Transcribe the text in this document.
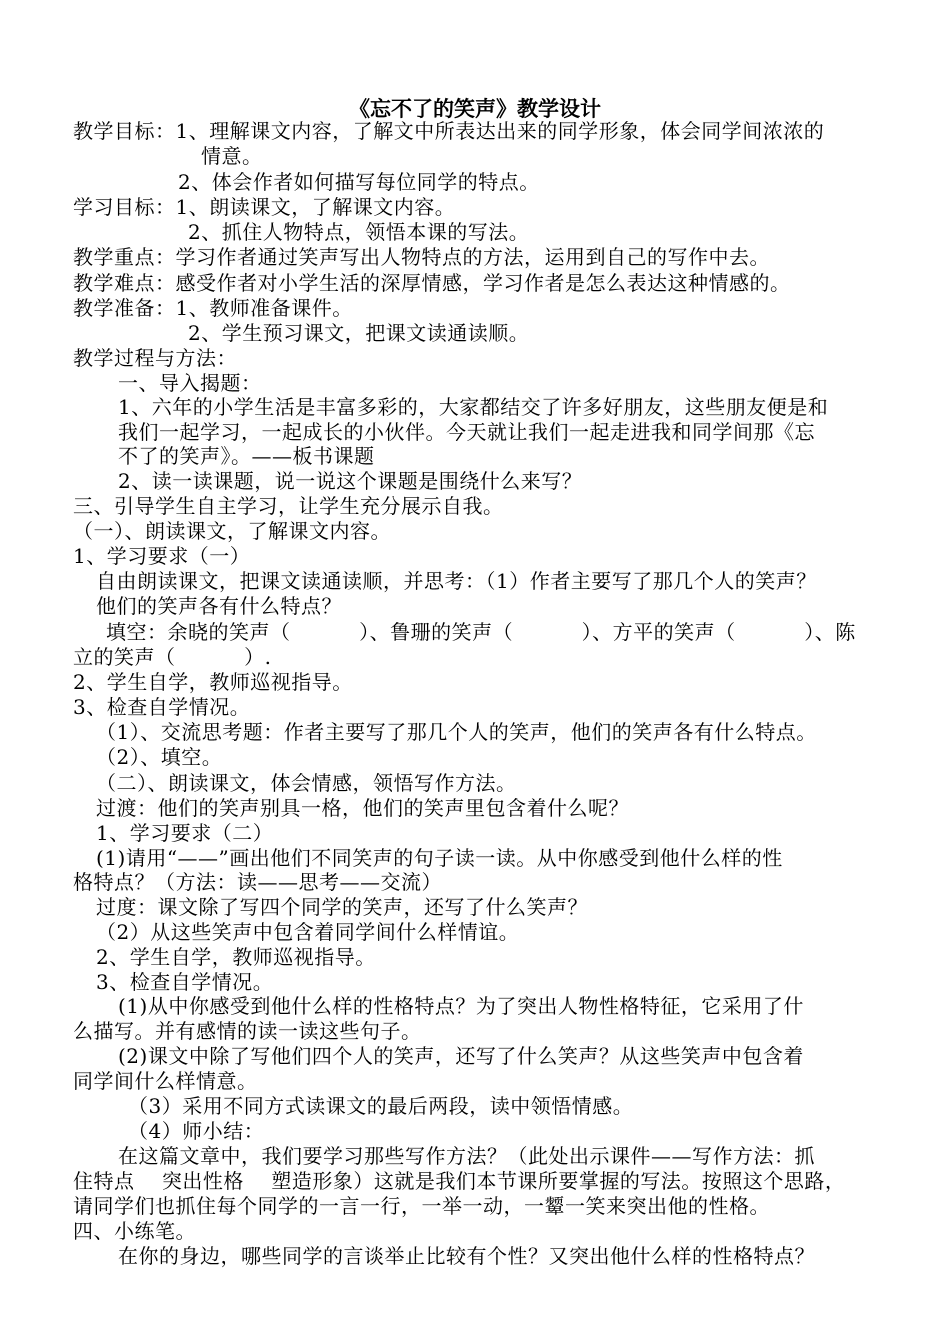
《忘不了的笑声》教学设计
教学目标：1、理解课文内容，了解文中所表达出来的同学形象，体会同学间浓浓的
情意。
2、体会作者如何描写每位同学的特点。
学习目标：1、朗读课文，了解课文内容。
2、抓住人物特点，领悟本课的写法。
教学重点：学习作者通过笑声写出人物特点的方法，运用到自己的写作中去。
教学难点：感受作者对小学生活的深厚情感，学习作者是怎么表达这种情感的。
教学准备：1、教师准备课件。
2、学生预习课文，把课文读通读顺。
教学过程与方法：
一、导入揭题：
1、六年的小学生活是丰富多彩的，大家都结交了许多好朋友，这些朋友便是和
我们一起学习，一起成长的小伙伴。今天就让我们一起走进我和同学间那《忘
不了的笑声》。——板书课题
2、读一读课题，说一说这个课题是围绕什么来写？
三、引导学生自主学习，让学生充分展示自我。
（一）、朗读课文，了解课文内容。
1、学习要求（一）
自由朗读课文，把课文读通读顺，并思考：（1）作者主要写了那几个人的笑声？
他们的笑声各有什么特点？
填空：余晓的笑声（          ）、鲁珊的笑声（          ）、方平的笑声（          ）、陈
立的笑声（          ）.
2、学生自学，教师巡视指导。
3、检查自学情况。
（1）、交流思考题：作者主要写了那几个人的笑声，他们的笑声各有什么特点。
（2）、填空。
（二）、朗读课文，体会情感，领悟写作方法。
过渡：他们的笑声别具一格，他们的笑声里包含着什么呢？
1、学习要求（二）
(1)请用“——”画出他们不同笑声的句子读一读。从中你感受到他什么样的性
格特点？（方法：读——思考——交流）
过度：课文除了写四个同学的笑声，还写了什么笑声？
（2）从这些笑声中包含着同学间什么样情谊。
2、学生自学，教师巡视指导。
3、检查自学情况。
(1)从中你感受到他什么样的性格特点？为了突出人物性格特征，它采用了什
么描写。并有感情的读一读这些句子。
(2)课文中除了写他们四个人的笑声，还写了什么笑声？从这些笑声中包含着
同学间什么样情意。
（3）采用不同方式读课文的最后两段，读中领悟情感。
（4）师小结：
在这篇文章中，我们要学习那些写作方法？（此处出示课件——写作方法：抓
住特点    突出性格    塑造形象）这就是我们本节课所要掌握的写法。按照这个思路，
请同学们也抓住每个同学的一言一行，一举一动，一颦一笑来突出他的性格。
四、小练笔。
在你的身边，哪些同学的言谈举止比较有个性？又突出他什么样的性格特点？
